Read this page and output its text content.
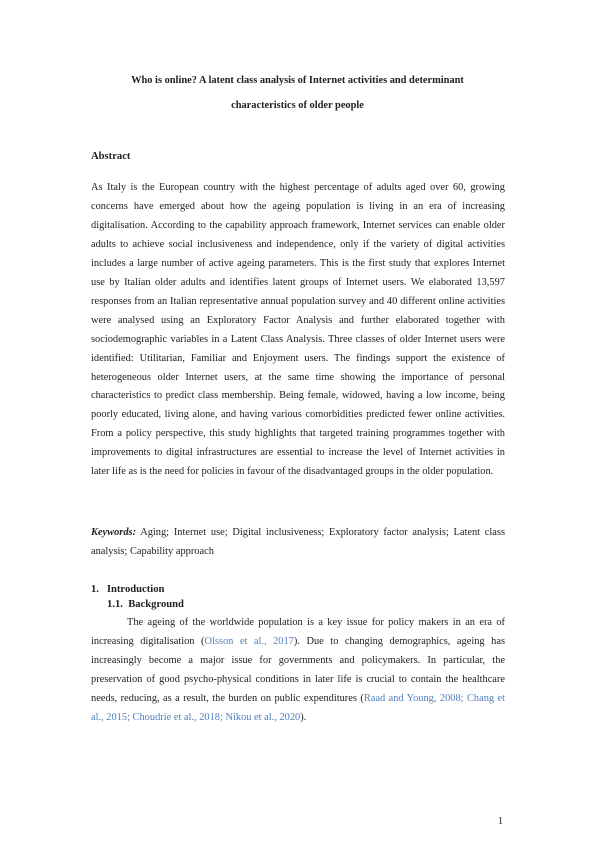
Who is online? A latent class analysis of Internet activities and determinant
characteristics of older people
Abstract

As Italy is the European country with the highest percentage of adults aged over 60, growing concerns have emerged about how the ageing population is living in an era of increasing digitalisation. According to the capability approach framework, Internet services can enable older adults to achieve social inclusiveness and independence, only if the variety of digital activities includes a large number of active ageing parameters. This is the first study that explores Internet use by Italian older adults and identifies latent groups of Internet users. We elaborated 13,597 responses from an Italian representative annual population survey and 40 different online activities were analysed using an Exploratory Factor Analysis and further elaborated together with sociodemographic variables in a Latent Class Analysis. Three classes of older Internet users were identified: Utilitarian, Familiar and Enjoyment users. The findings support the existence of heterogeneous older Internet users, at the same time showing the importance of personal characteristics to predict class membership. Being female, widowed, having a low income, being poorly educated, living alone, and having various comorbidities predicted fewer online activities. From a policy perspective, this study highlights that targeted training programmes together with improvements to digital infrastructures are essential to increase the level of Internet activities in later life as is the need for policies in favour of the disadvantaged groups in the older population.

Keywords: Aging; Internet use; Digital inclusiveness; Exploratory factor analysis; Latent class analysis; Capability approach

1.   Introduction
1.1.  Background

The ageing of the worldwide population is a key issue for policy makers in an era of increasing digitalisation (Olsson et al., 2017). Due to changing demographics, ageing has increasingly become a major issue for governments and policymakers. In particular, the preservation of good psycho-physical conditions in later life is crucial to contain the healthcare needs, reducing, as a result, the burden on public expenditures (Raad and Young, 2008; Chang et al., 2015; Choudrie et al., 2018; Nikou et al., 2020).

1
